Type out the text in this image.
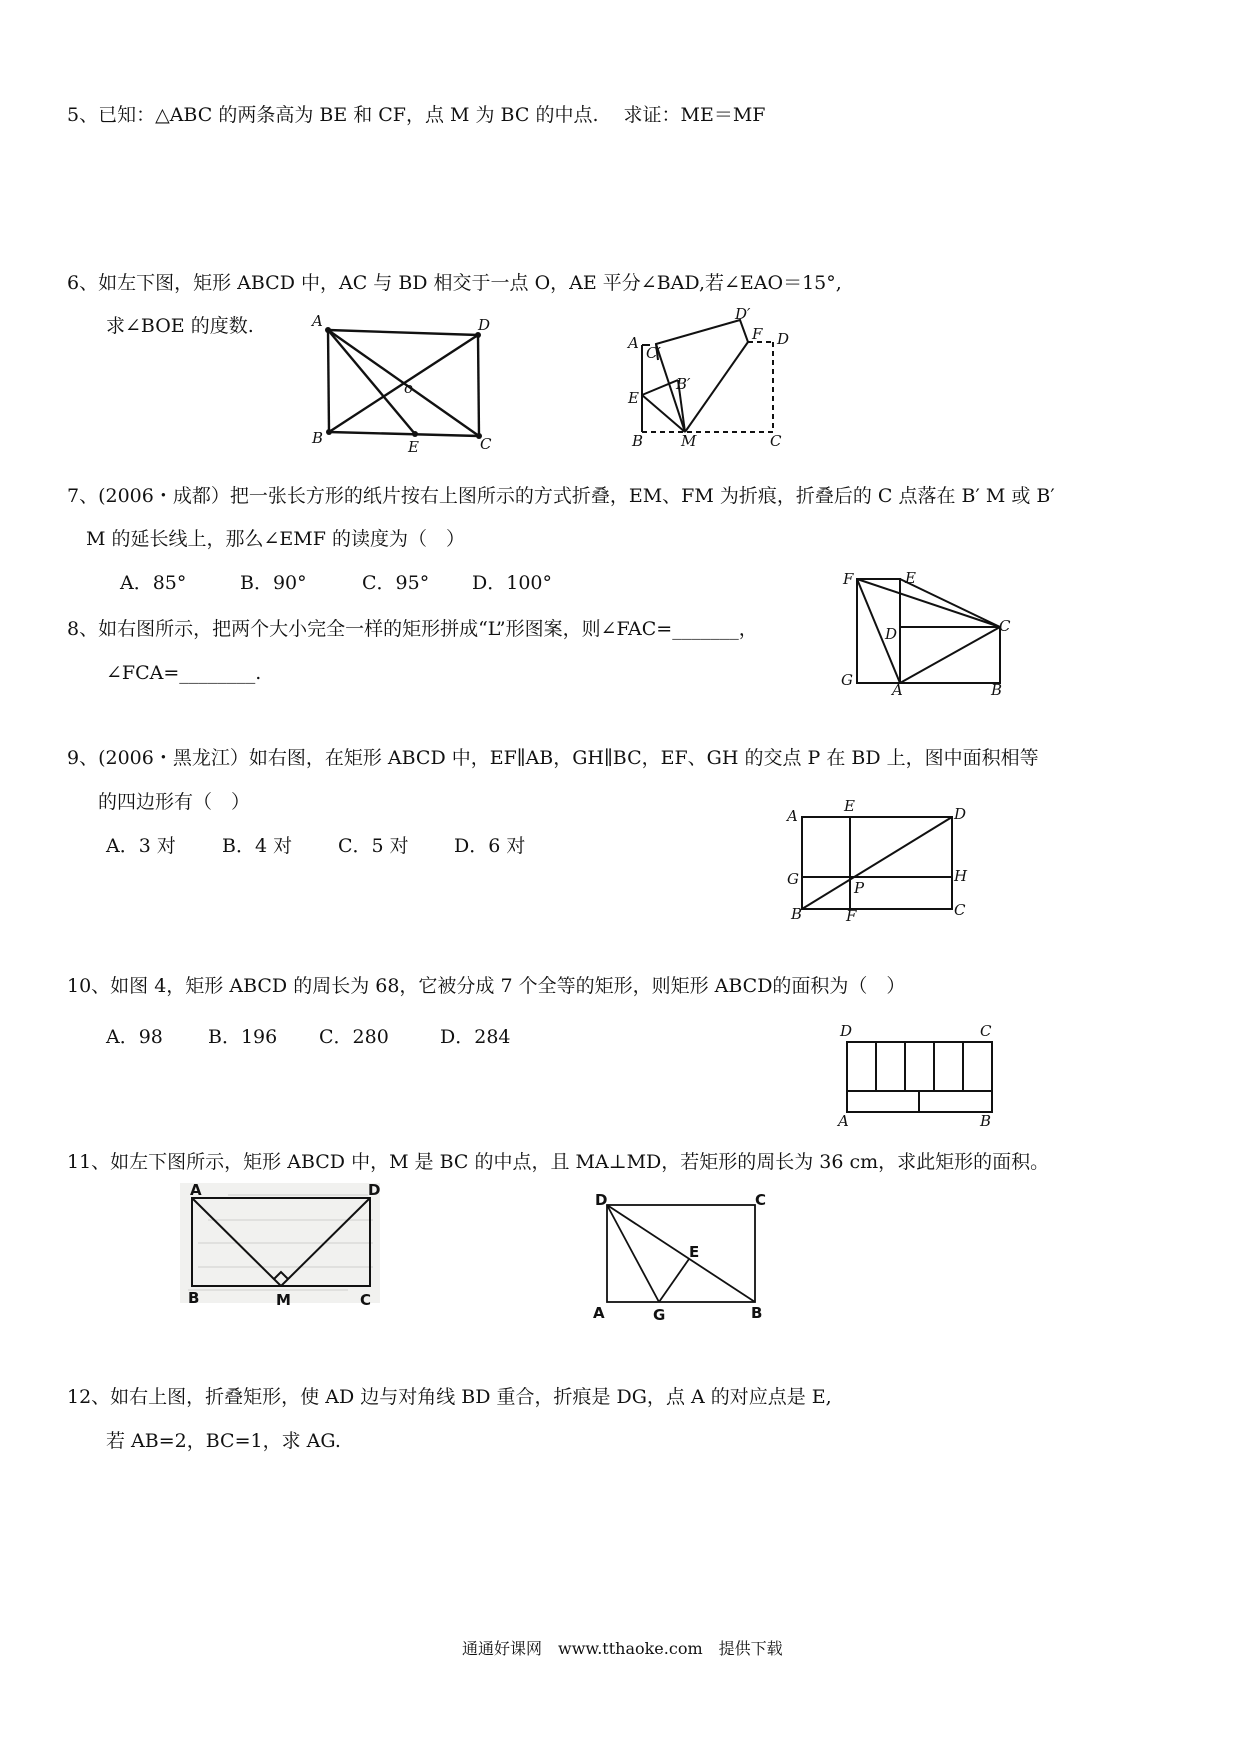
5、已知：△ABC 的两条高为 BE 和 CF，点 M 为 BC 的中点.　 求证：ME＝MF
6、如左下图，矩形 ABCD 中，AC 与 BD 相交于一点 O，AE 平分∠BAD,若∠EAO＝15°,
求∠BOE 的度数.	A	D
B	C
E
o
D′
F D
A
C′
B′
E
B	M	C
7、(2006・成都）把一张长方形的纸片按右上图所示的方式折叠，EM、FM 为折痕，折叠后的 C 点落在 B′ M 或 B′
M 的延长线上，那么∠EMF 的读度为（　）
A．85°	B．90°	C．95° D．100°
8、如右图所示，把两个大小完全一样的矩形拼成“L”形图案，则∠FAC=_______，
∠FCA=________.
F	E
D	C
G
A	B
9、(2006・黑龙江）如右图，在矩形 ABCD 中，EF∥AB，GH∥BC，EF、GH 的交点 P 在 BD 上，图中面积相等
的四边形有（　）
A．3 对 B．4 对 C．5 对 D．6 对
A
E	D
G	P
H
B	F	C
10、如图 4，矩形 ABCD 的周长为 68，它被分成 7 个全等的矩形，则矩形 ABCD的面积为（　）
A．98 B．196 C．280	D．284	D	C
A	B
11、如左下图所示，矩形 ABCD 中，M 是 BC 的中点，且 MA⊥MD，若矩形的周长为 36 cm，求此矩形的面积。
A	D
B	M	C
D	C
E
A	G	B
12、如右上图，折叠矩形，使 AD 边与对角线 BD 重合，折痕是 DG，点 A 的对应点是 E,
若 AB=2，BC=1，求 AG.
通通好课网　www.tthaoke.com　提供下载
